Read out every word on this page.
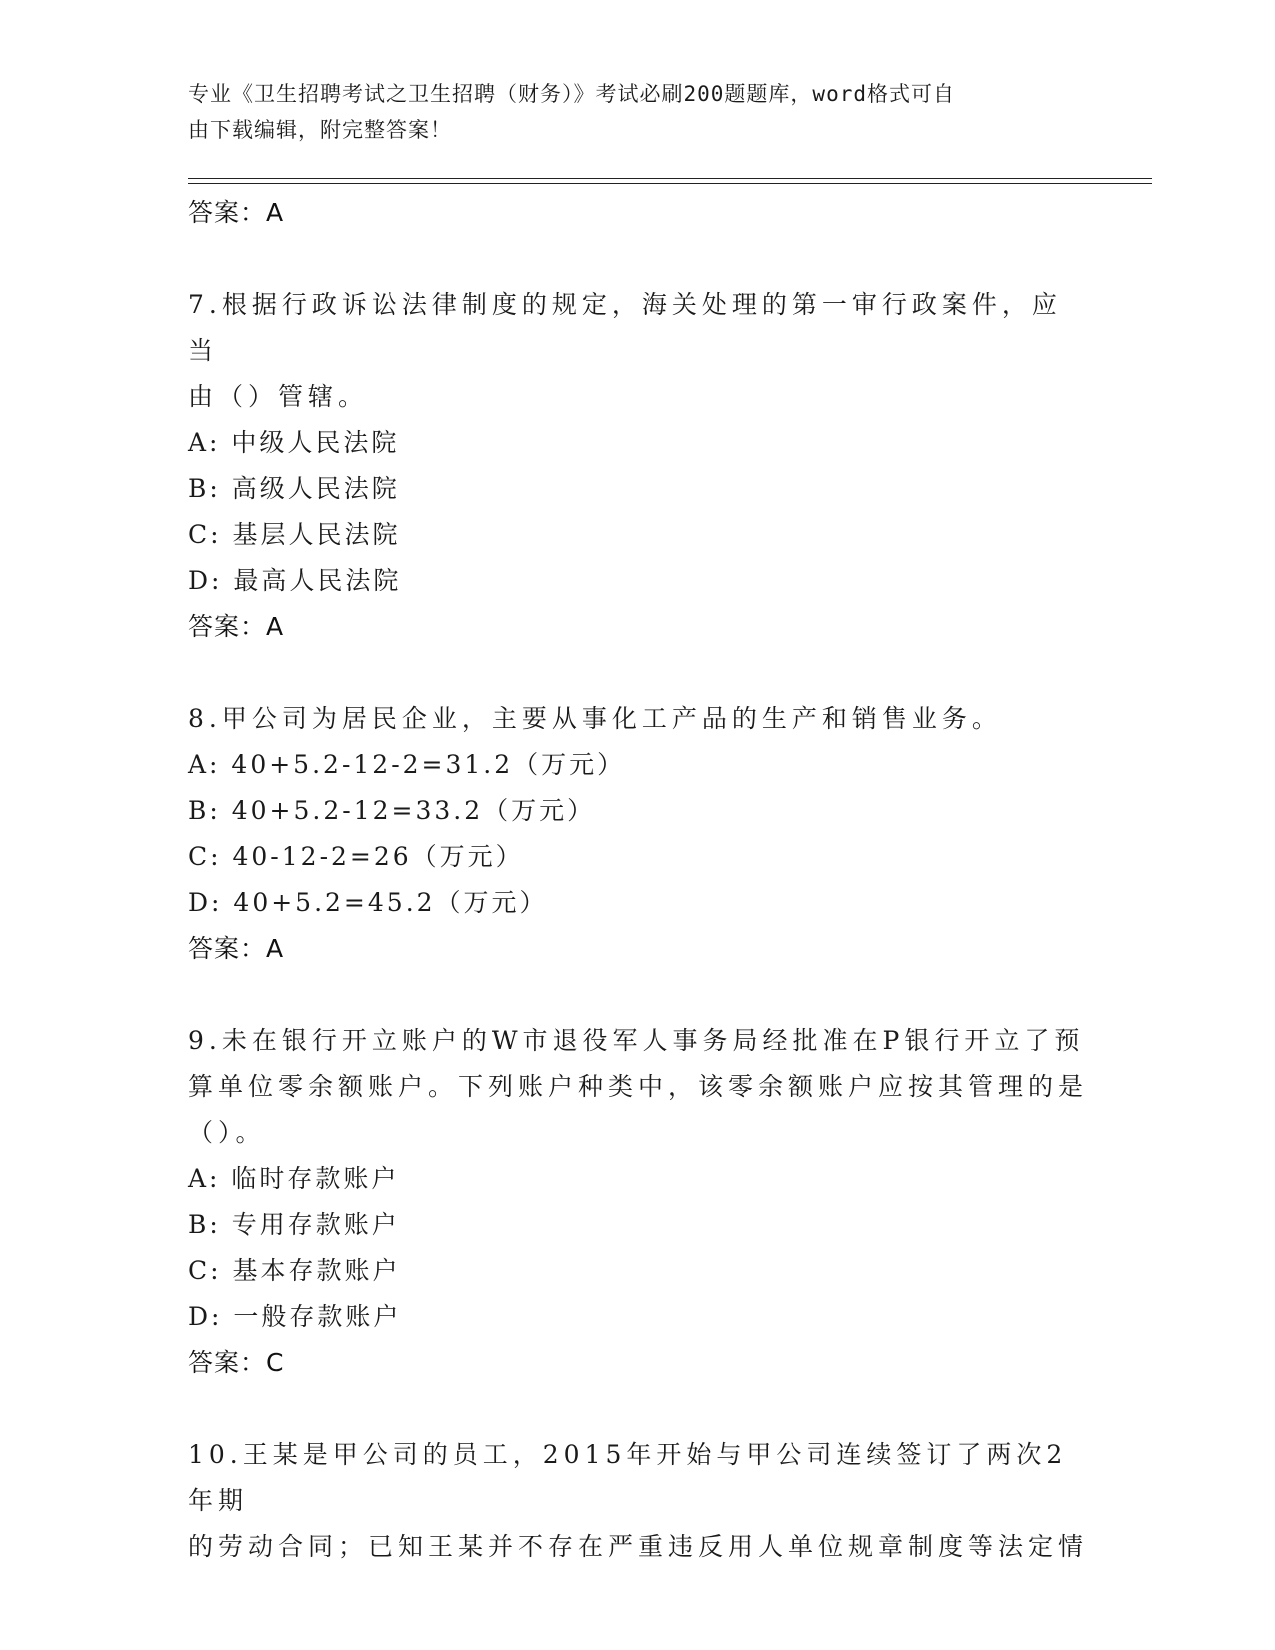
专业《卫生招聘考试之卫生招聘（财务）》考试必刷200题题库，word格式可自
由下载编辑，附完整答案！
答案：A
7.根据行政诉讼法律制度的规定，海关处理的第一审行政案件，应当
由（）管辖。
A: 中级人民法院
B: 高级人民法院
C: 基层人民法院
D: 最高人民法院
答案：A
8.甲公司为居民企业，主要从事化工产品的生产和销售业务。
A: 40+5.2-12-2=31.2（万元）
B: 40+5.2-12=33.2（万元）
C: 40-12-2=26（万元）
D: 40+5.2=45.2（万元）
答案：A
9.未在银行开立账户的W市退役军人事务局经批准在P银行开立了预
算单位零余额账户。下列账户种类中，该零余额账户应按其管理的是
（）。
A: 临时存款账户
B: 专用存款账户
C: 基本存款账户
D: 一般存款账户
答案：C
10.王某是甲公司的员工，2015年开始与甲公司连续签订了两次2年期
的劳动合同；已知王某并不存在严重违反用人单位规章制度等法定情
